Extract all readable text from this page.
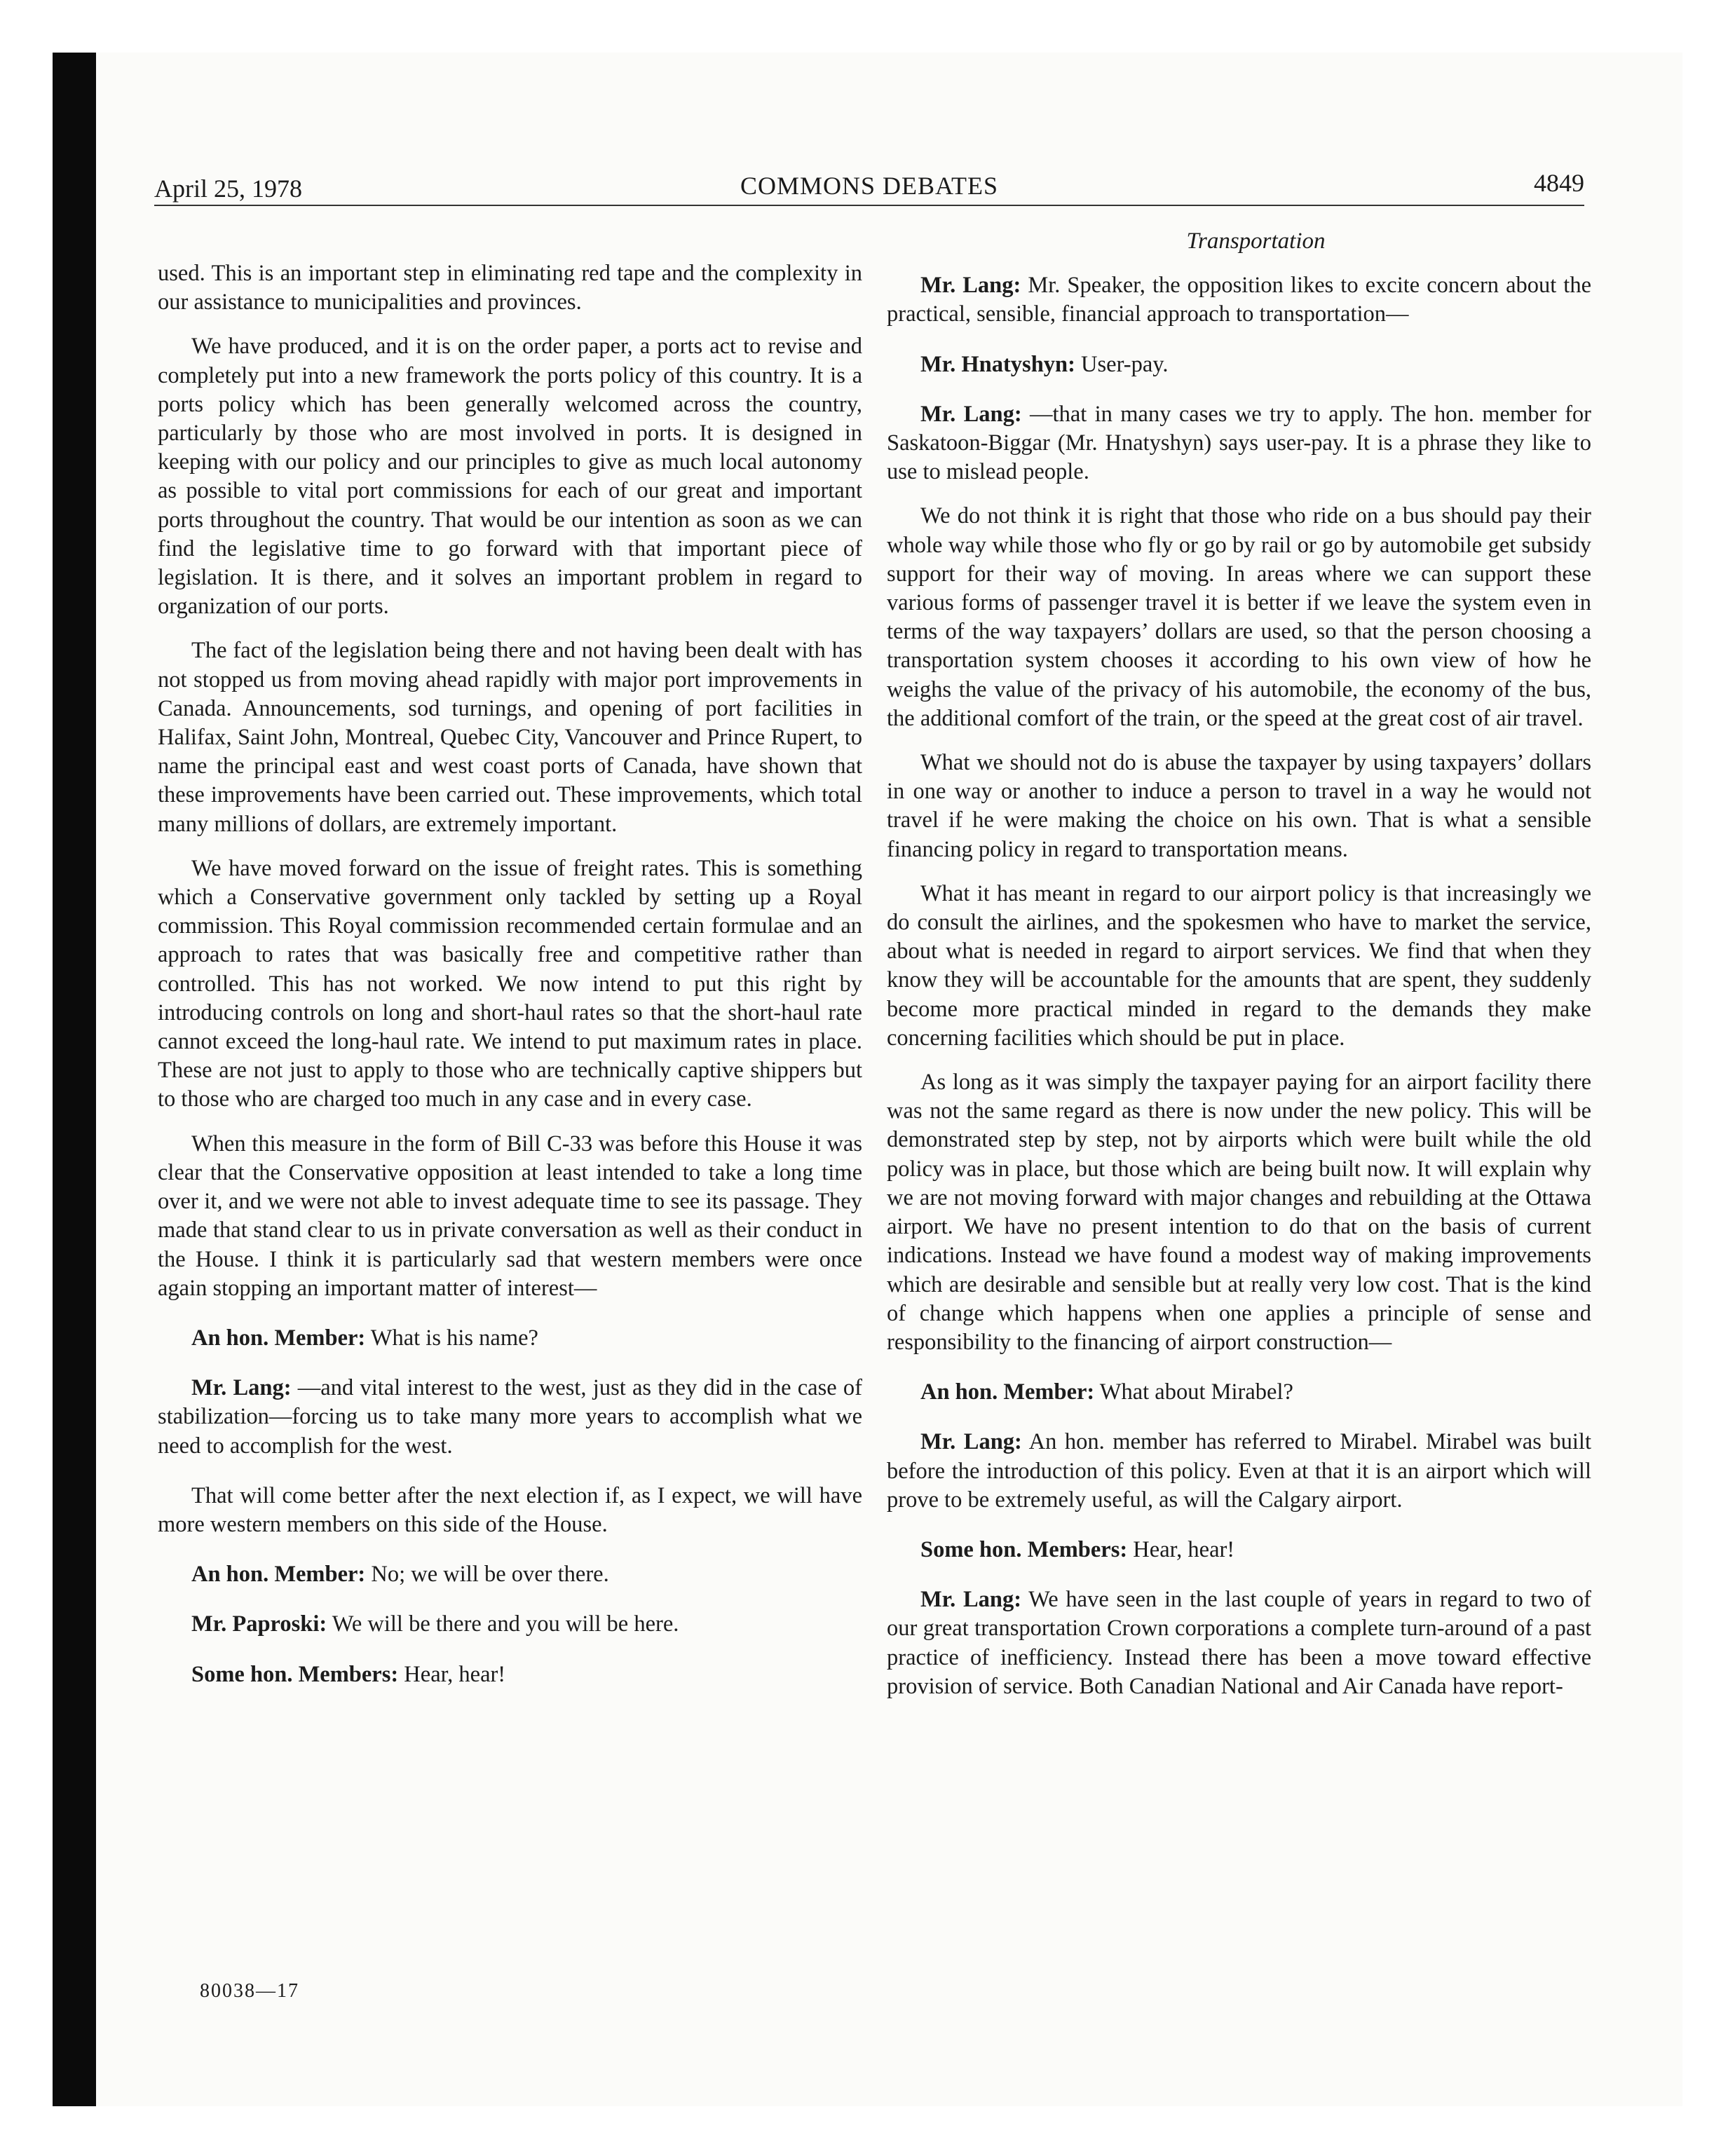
April 25, 1978	COMMONS DEBATES	4849

used. This is an important step in eliminating red tape and the complexity in our assistance to municipalities and provinces.

We have produced, and it is on the order paper, a ports act to revise and completely put into a new framework the ports policy of this country. It is a ports policy which has been generally welcomed across the country, particularly by those who are most involved in ports. It is designed in keeping with our policy and our principles to give as much local autonomy as possible to vital port commissions for each of our great and important ports throughout the country. That would be our intention as soon as we can find the legislative time to go forward with that important piece of legislation. It is there, and it solves an important problem in regard to organization of our ports.

The fact of the legislation being there and not having been dealt with has not stopped us from moving ahead rapidly with major port improvements in Canada. Announcements, sod turnings, and opening of port facilities in Halifax, Saint John, Montreal, Quebec City, Vancouver and Prince Rupert, to name the principal east and west coast ports of Canada, have shown that these improvements have been carried out. These improvements, which total many millions of dollars, are extremely important.

We have moved forward on the issue of freight rates. This is something which a Conservative government only tackled by setting up a Royal commission. This Royal commission recommended certain formulae and an approach to rates that was basically free and competitive rather than controlled. This has not worked. We now intend to put this right by introducing controls on long and short-haul rates so that the short-haul rate cannot exceed the long-haul rate. We intend to put maximum rates in place. These are not just to apply to those who are technically captive shippers but to those who are charged too much in any case and in every case.

When this measure in the form of Bill C-33 was before this House it was clear that the Conservative opposition at least intended to take a long time over it, and we were not able to invest adequate time to see its passage. They made that stand clear to us in private conversation as well as their conduct in the House. I think it is particularly sad that western members were once again stopping an important matter of interest—

An hon. Member: What is his name?

Mr. Lang: —and vital interest to the west, just as they did in the case of stabilization—forcing us to take many more years to accomplish what we need to accomplish for the west.

That will come better after the next election if, as I expect, we will have more western members on this side of the House.

An hon. Member: No; we will be over there.

Mr. Paproski: We will be there and you will be here.

Some hon. Members: Hear, hear!

Transportation

Mr. Lang: Mr. Speaker, the opposition likes to excite concern about the practical, sensible, financial approach to transportation—

Mr. Hnatyshyn: User-pay.

Mr. Lang: —that in many cases we try to apply. The hon. member for Saskatoon-Biggar (Mr. Hnatyshyn) says user-pay. It is a phrase they like to use to mislead people.

We do not think it is right that those who ride on a bus should pay their whole way while those who fly or go by rail or go by automobile get subsidy support for their way of moving. In areas where we can support these various forms of passenger travel it is better if we leave the system even in terms of the way taxpayers’ dollars are used, so that the person choosing a transportation system chooses it according to his own view of how he weighs the value of the privacy of his automobile, the economy of the bus, the additional comfort of the train, or the speed at the great cost of air travel.

What we should not do is abuse the taxpayer by using taxpayers’ dollars in one way or another to induce a person to travel in a way he would not travel if he were making the choice on his own. That is what a sensible financing policy in regard to transportation means.

What it has meant in regard to our airport policy is that increasingly we do consult the airlines, and the spokesmen who have to market the service, about what is needed in regard to airport services. We find that when they know they will be accountable for the amounts that are spent, they suddenly become more practical minded in regard to the demands they make concerning facilities which should be put in place.

As long as it was simply the taxpayer paying for an airport facility there was not the same regard as there is now under the new policy. This will be demonstrated step by step, not by airports which were built while the old policy was in place, but those which are being built now. It will explain why we are not moving forward with major changes and rebuilding at the Ottawa airport. We have no present intention to do that on the basis of current indications. Instead we have found a modest way of making improvements which are desirable and sensible but at really very low cost. That is the kind of change which happens when one applies a principle of sense and responsibility to the financing of airport construction—

An hon. Member: What about Mirabel?

Mr. Lang: An hon. member has referred to Mirabel. Mirabel was built before the introduction of this policy. Even at that it is an airport which will prove to be extremely useful, as will the Calgary airport.

Some hon. Members: Hear, hear!

Mr. Lang: We have seen in the last couple of years in regard to two of our great transportation Crown corporations a complete turn-around of a past practice of inefficiency. Instead there has been a move toward effective provision of service. Both Canadian National and Air Canada have report-

80038—17
